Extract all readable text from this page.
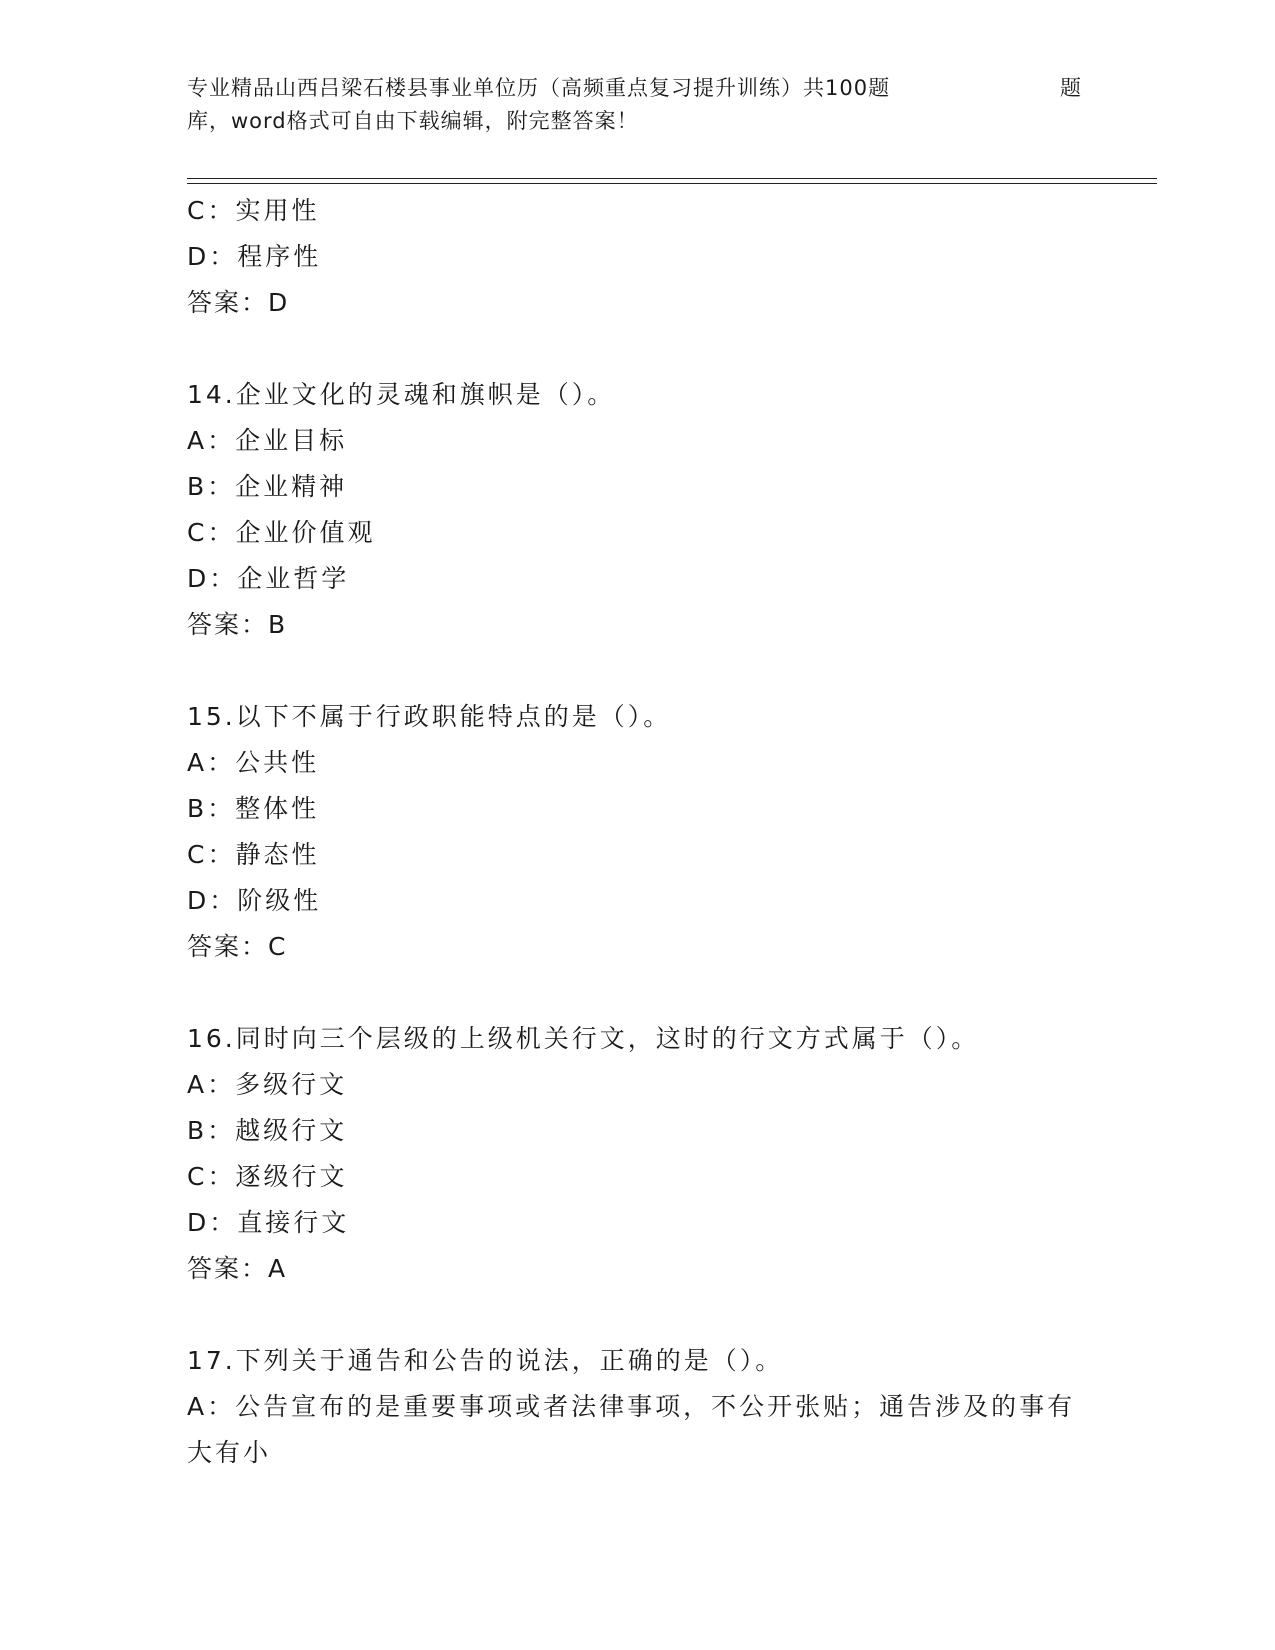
专业精品山西吕梁石楼县事业单位历（高频重点复习提升训练）共100题	题
库，word格式可自由下载编辑，附完整答案！
C：实用性
D：程序性
答案：D
14.企业文化的灵魂和旗帜是（）。
A：企业目标
B：企业精神
C：企业价值观
D：企业哲学
答案：B
15.以下不属于行政职能特点的是（）。
A：公共性
B：整体性
C：静态性
D：阶级性
答案：C
16.同时向三个层级的上级机关行文，这时的行文方式属于（）。
A：多级行文
B：越级行文
C：逐级行文
D：直接行文
答案：A
17.下列关于通告和公告的说法，正确的是（）。
A：公告宣布的是重要事项或者法律事项，不公开张贴；通告涉及的事有大有小
